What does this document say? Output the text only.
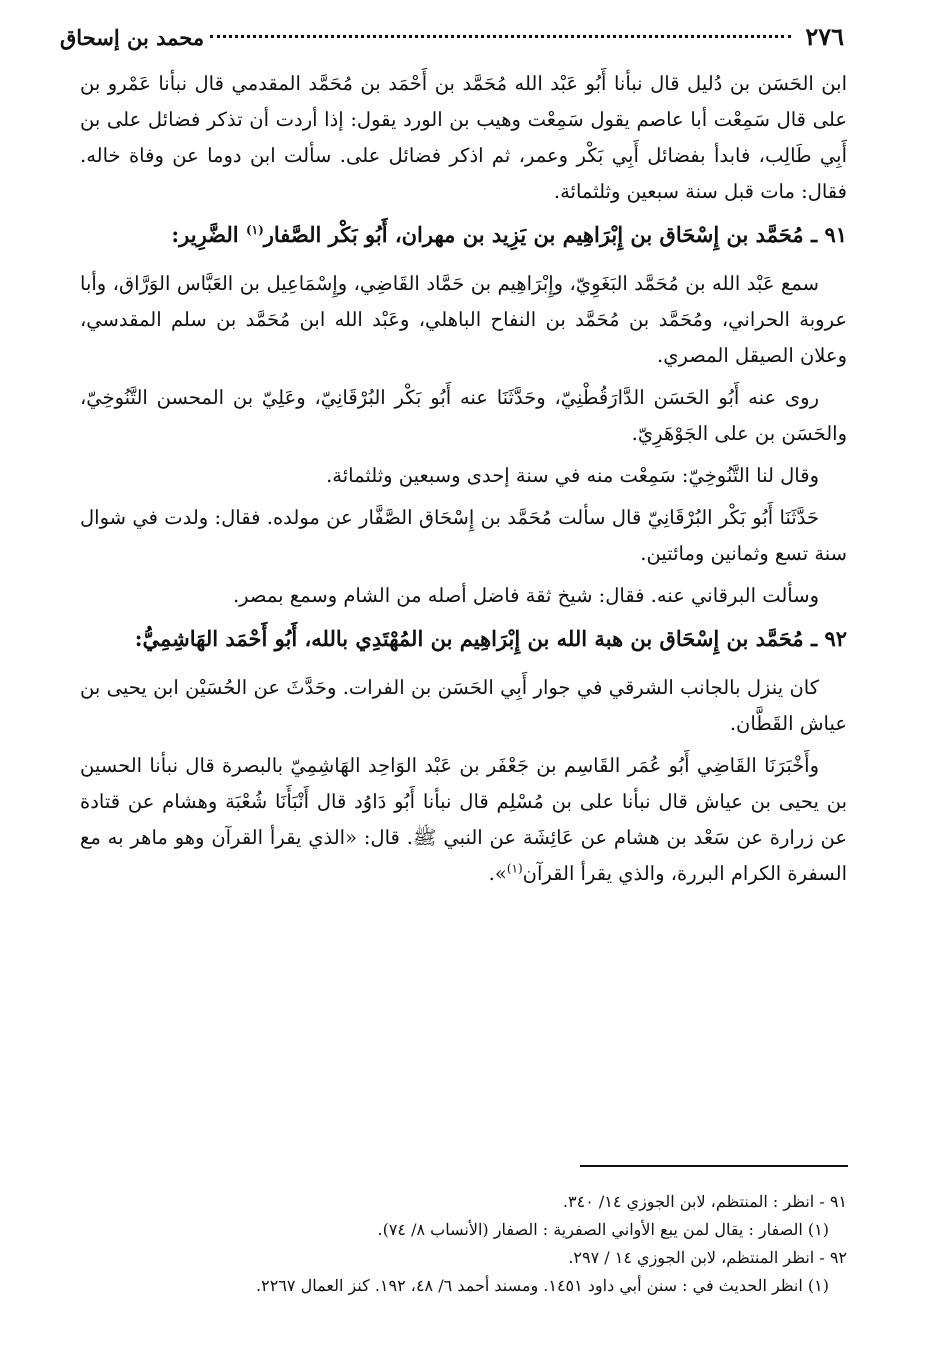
٢٧٦
محمد بن إسحاق

ابن الحَسَن بن دُليل قال نبأنا أَبُو عَبْد الله مُحَمَّد بن أَحْمَد بن مُحَمَّد المقدمي قال نبأنا عَمْرو بن على قال سَمِعْت أبا عاصم يقول سَمِعْت وهيب بن الورد يقول: إذا أردت أن تذكر فضائل على بن أَبِي طَالِب، فابدأ بفضائل أَبِي بَكْر وعمر، ثم اذكر فضائل على. سألت ابن دوما عن وفاة خاله. فقال: مات قبل سنة سبعين وثلثمائة.

٩١ ـ مُحَمَّد بن إِسْحَاق بن إِبْرَاهِيم بن يَزِيد بن مهران، أَبُو بَكْر الصَّفار$^{(١)}$ الضَّرِير:

سمع عَبْد الله بن مُحَمَّد البَغَوِيّ، وإِبْرَاهِيم بن حَمَّاد القَاضِي، وإِسْمَاعِيل بن العَبَّاس الوَرَّاق، وأبا عروبة الحراني، ومُحَمَّد بن مُحَمَّد بن النفاح الباهلي، وعَبْد الله ابن مُحَمَّد بن سلم المقدسي، وعلان الصيقل المصري.

روى عنه أَبُو الحَسَن الدَّارَقُطْنِيّ، وحَدَّثَنَا عنه أَبُو بَكْر البُرْقَانِيّ، وعَلِيّ بن المحسن التَّنُوخِيّ، والحَسَن بن على الجَوْهَرِيّ.

وقال لنا التَّنُوخِيّ: سَمِعْت منه في سنة إحدى وسبعين وثلثمائة.

حَدَّثَنَا أَبُو بَكْر البُرْقَانِيّ قال سألت مُحَمَّد بن إِسْحَاق الصَّفَّار عن مولده. فقال: ولدت في شوال سنة تسع وثمانين ومائتين.

وسألت البرقاني عنه. فقال: شيخ ثقة فاضل أصله من الشام وسمع بمصر.

٩٢ ـ مُحَمَّد بن إِسْحَاق بن هبة الله بن إِبْرَاهِيم بن المُهْتَدِي بالله، أَبُو أَحْمَد الهَاشِمِيُّ:

كان ينزل بالجانب الشرقي في جوار أَبِي الحَسَن بن الفرات. وحَدَّثَ عن الحُسَيْن ابن يحيى بن عياش القَطَّان.

وأَخْبَرَنَا القَاضِي أَبُو عُمَر القَاسِم بن جَعْفَر بن عَبْد الوَاحِد الهَاشِمِيّ بالبصرة قال نبأنا الحسين بن يحيى بن عياش قال نبأنا على بن مُسْلِم قال نبأنا أَبُو دَاوُد قال أَنْبَأَنَا شُعْبَة وهشام عن قتادة عن زرارة عن سَعْد بن هشام عن عَائِشَة عن النبي ﷺ. قال: «الذي يقرأ القرآن وهو ماهر به مع السفرة الكرام البررة، والذي يقرأ القرآن$^{(١)}$».

٩١ - انظر : المنتظم، لابن الجوزي ١٤/ ٣٤٠.
(١) الصفار : يقال لمن يبع الأواني الصفرية : الصفار (الأنساب ٨/ ٧٤).
٩٢ - انظر المنتظم، لابن الجوزي ١٤ / ٢٩٧.
(١) انظر الحديث في : سنن أبي داود ١٤٥١. ومسند أحمد ٦/ ٤٨، ١٩٢. كنز العمال ٢٢٦٧.
